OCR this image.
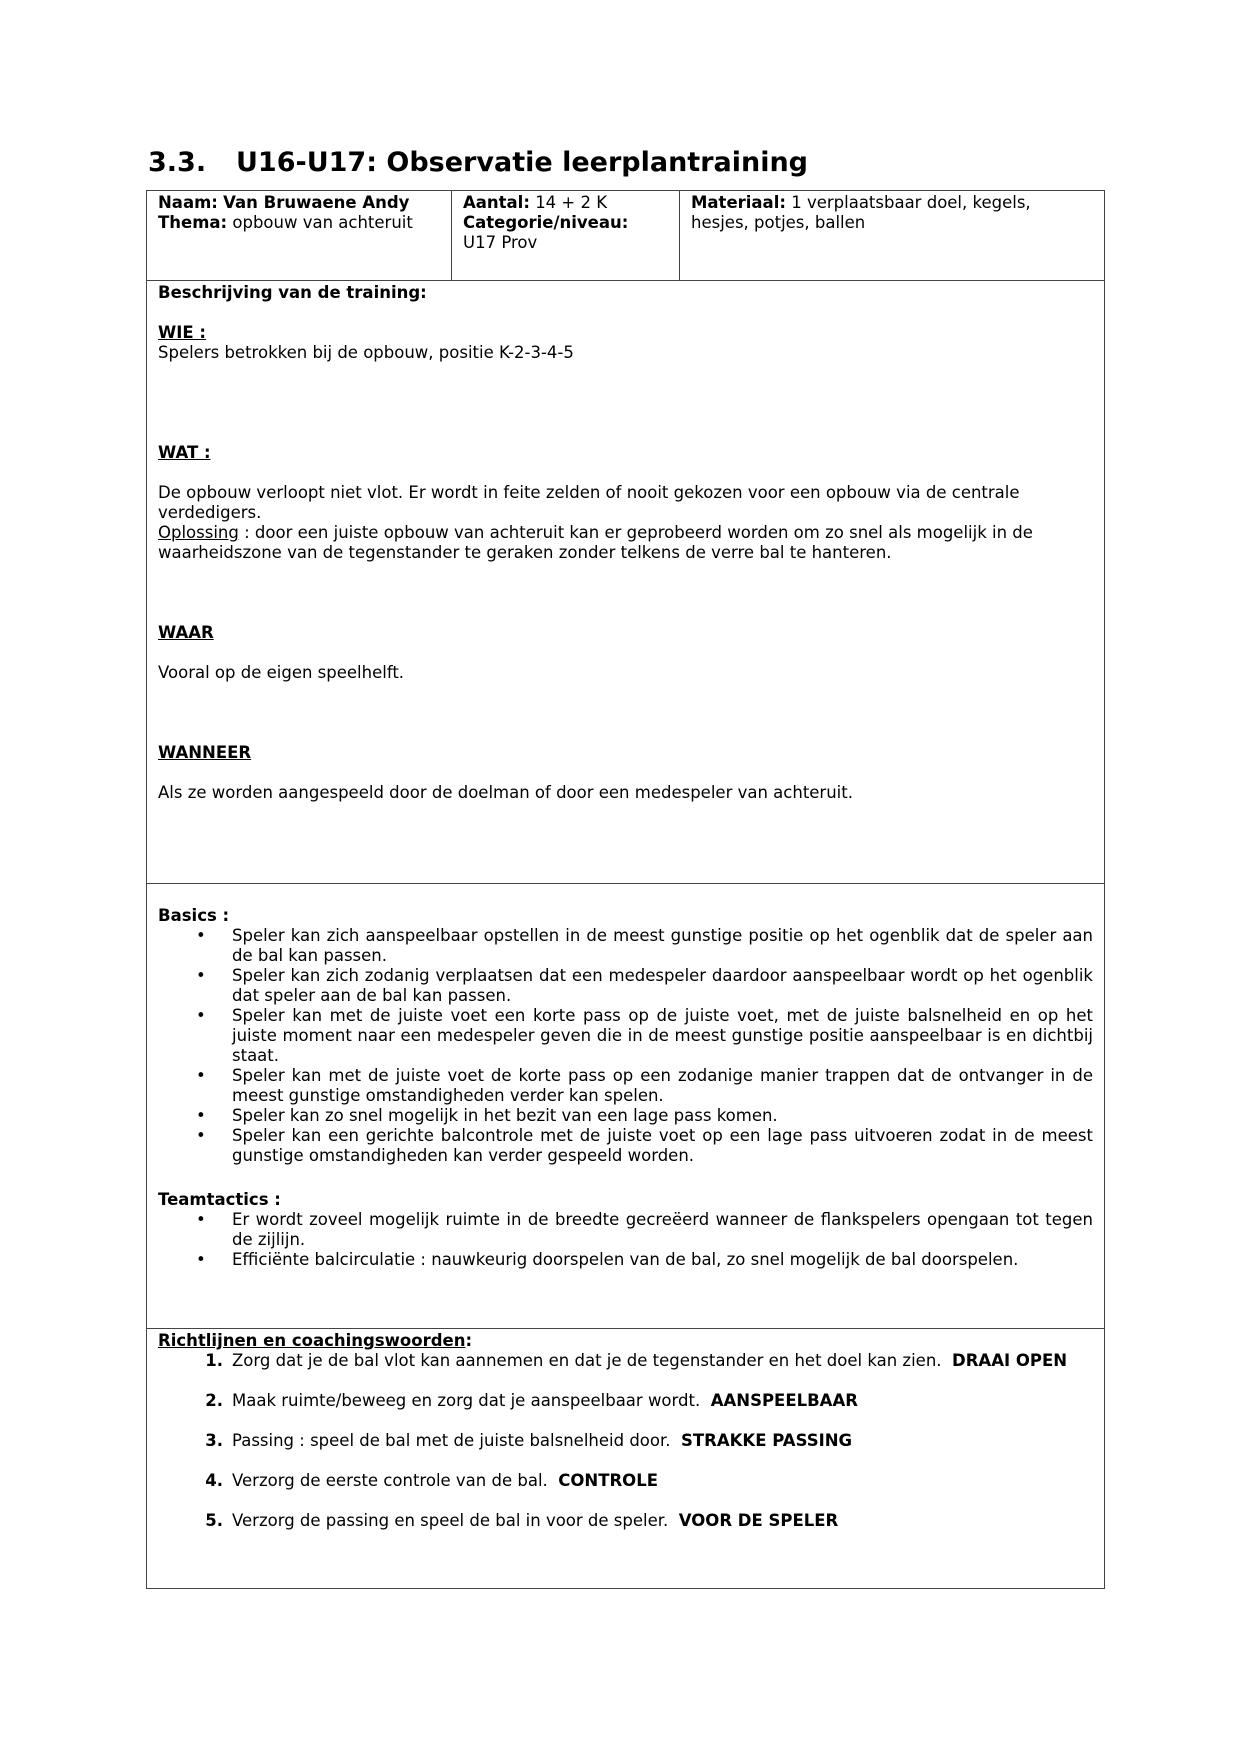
3.3. U16-U17: Observatie leerplantraining

Naam: Van Bruwaene Andy

Thema: opbouw van achteruit

Aantal: 14 + 2 K

Categorie/niveau:

U17 Prov

Materiaal: 1 verplaatsbaar doel, kegels, hesjes, potjes, ballen

Beschrijving van de training:

WIE :

Spelers betrokken bij de opbouw, positie K-2-3-4-5

WAT :

De opbouw verloopt niet vlot. Er wordt in feite zelden of nooit gekozen voor een opbouw via de centrale verdedigers.

Oplossing : door een juiste opbouw van achteruit kan er geprobeerd worden om zo snel als mogelijk in de waarheidszone van de tegenstander te geraken zonder telkens de verre bal te hanteren.

WAAR

Vooral op de eigen speelhelft.

WANNEER

Als ze worden aangespeeld door de doelman of door een medespeler van achteruit.

Basics :

• Speler kan zich aanspeelbaar opstellen in de meest gunstige positie op het ogenblik dat de speler aan de bal kan passen.
• Speler kan zich zodanig verplaatsen dat een medespeler daardoor aanspeelbaar wordt op het ogenblik dat speler aan de bal kan passen.
• Speler kan met de juiste voet een korte pass op de juiste voet, met de juiste balsnelheid en op het juiste moment naar een medespeler geven die in de meest gunstige positie aanspeelbaar is en dichtbij staat.
• Speler kan met de juiste voet de korte pass op een zodanige manier trappen dat de ontvanger in de meest gunstige omstandigheden verder kan spelen.
• Speler kan zo snel mogelijk in het bezit van een lage pass komen.
• Speler kan een gerichte balcontrole met de juiste voet op een lage pass uitvoeren zodat in de meest gunstige omstandigheden kan verder gespeeld worden.

Teamtactics :

• Er wordt zoveel mogelijk ruimte in de breedte gecreëerd wanneer de flankspelers opengaan tot tegen de zijlijn.
• Efficiënte balcirculatie : nauwkeurig doorspelen van de bal, zo snel mogelijk de bal doorspelen.

Richtlijnen en coachingswoorden:

1. Zorg dat je de bal vlot kan aannemen en dat je de tegenstander en het doel kan zien. DRAAI OPEN
2. Maak ruimte/beweeg en zorg dat je aanspeelbaar wordt. AANSPEELBAAR
3. Passing : speel de bal met de juiste balsnelheid door. STRAKKE PASSING
4. Verzorg de eerste controle van de bal. CONTROLE
5. Verzorg de passing en speel de bal in voor de speler. VOOR DE SPELER
